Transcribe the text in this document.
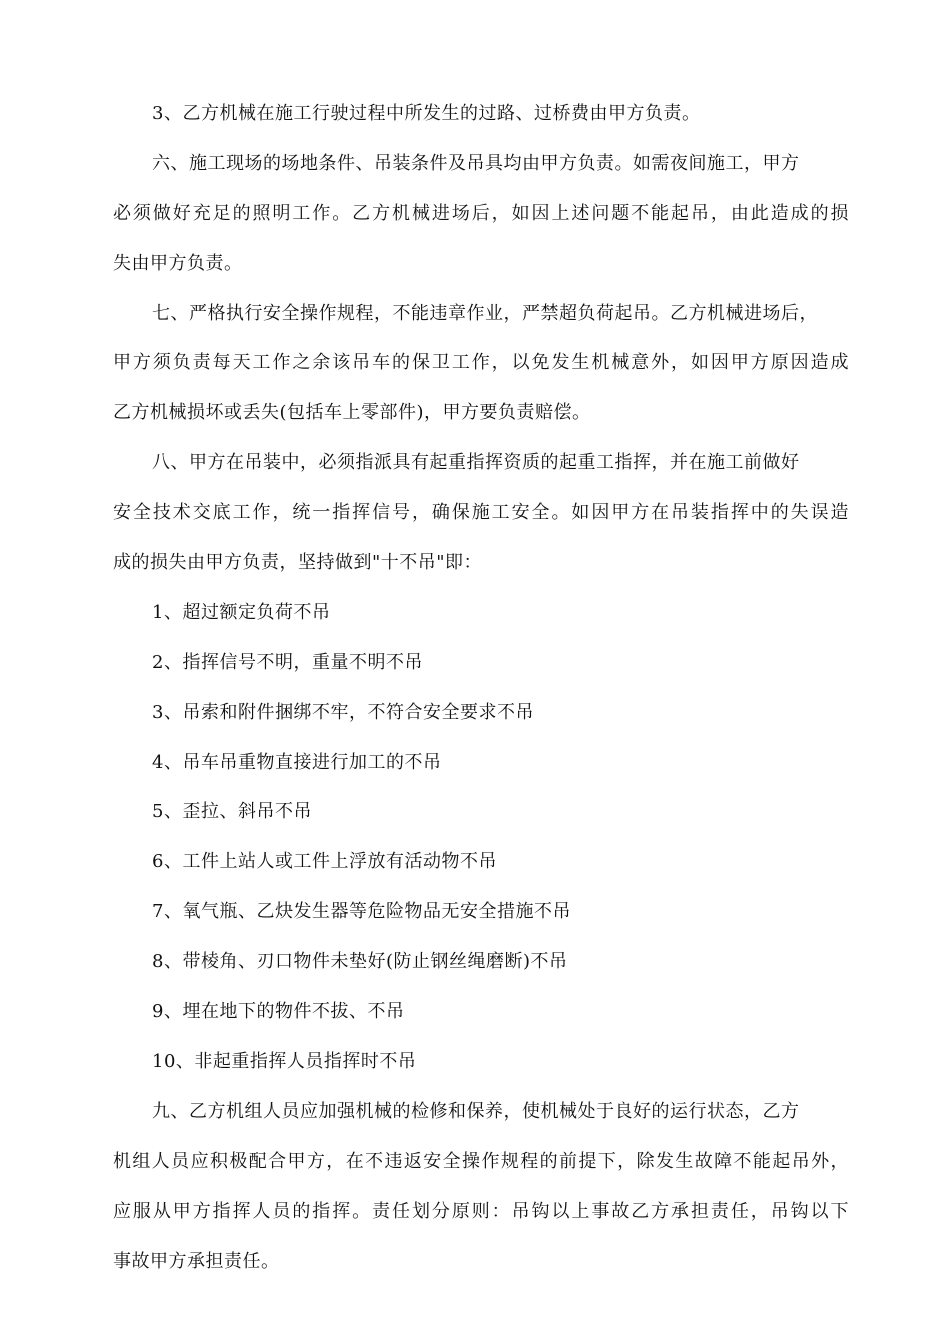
3、乙方机械在施工行驶过程中所发生的过路、过桥费由甲方负责。
六、施工现场的场地条件、吊装条件及吊具均由甲方负责。如需夜间施工，甲方
必须做好充足的照明工作。乙方机械进场后，如因上述问题不能起吊，由此造成的损
失由甲方负责。
七、严格执行安全操作规程，不能违章作业，严禁超负荷起吊。乙方机械进场后，
甲方须负责每天工作之余该吊车的保卫工作，以免发生机械意外，如因甲方原因造成
乙方机械损坏或丢失(包括车上零部件)，甲方要负责赔偿。
八、甲方在吊装中，必须指派具有起重指挥资质的起重工指挥，并在施工前做好
安全技术交底工作，统一指挥信号，确保施工安全。如因甲方在吊装指挥中的失误造
成的损失由甲方负责，坚持做到"十不吊"即：
1、超过额定负荷不吊
2、指挥信号不明，重量不明不吊
3、吊索和附件捆绑不牢，不符合安全要求不吊
4、吊车吊重物直接进行加工的不吊
5、歪拉、斜吊不吊
6、工件上站人或工件上浮放有活动物不吊
7、氧气瓶、乙炔发生器等危险物品无安全措施不吊
8、带棱角、刃口物件未垫好(防止钢丝绳磨断)不吊
9、埋在地下的物件不拔、不吊
10、非起重指挥人员指挥时不吊
九、乙方机组人员应加强机械的检修和保养，使机械处于良好的运行状态，乙方
机组人员应积极配合甲方，在不违返安全操作规程的前提下，除发生故障不能起吊外，
应服从甲方指挥人员的指挥。责任划分原则：吊钩以上事故乙方承担责任，吊钩以下
事故甲方承担责任。
